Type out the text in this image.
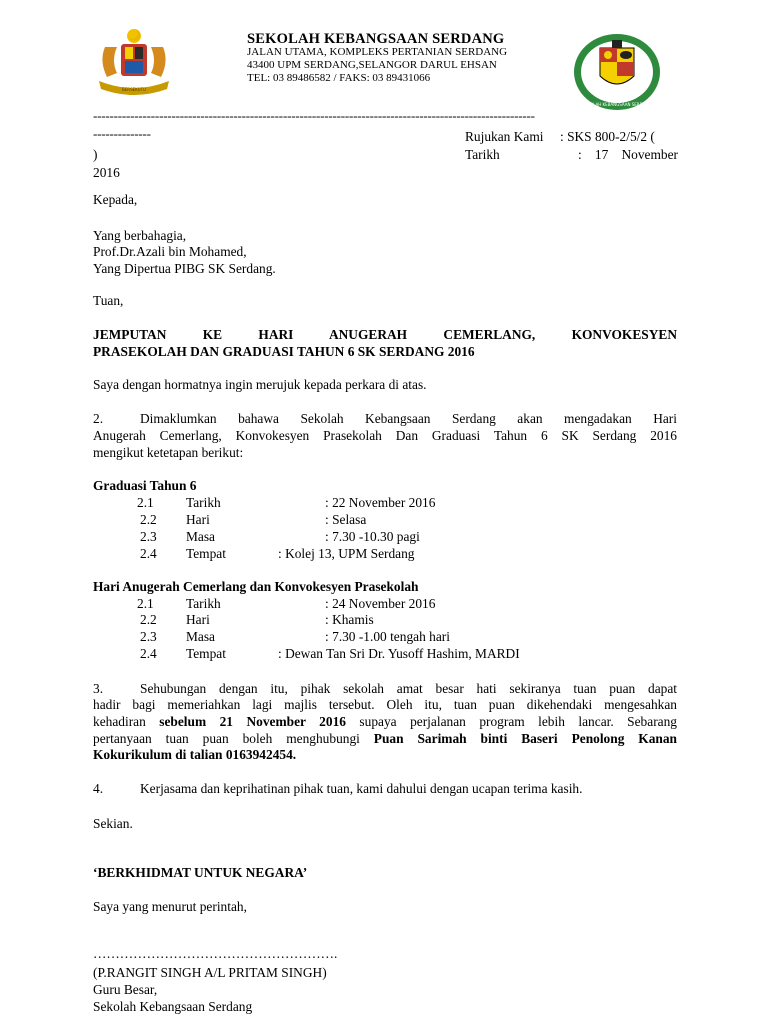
BERSEKUTU
SEKOLAH KEBANGSAAN SERDANG
JALAN UTAMA, KOMPLEKS PERTANIAN SERDANG
43400 UPM SERDANG,SELANGOR DARUL EHSAN
TEL: 03 89486582 / FAKS: 03 89431066
SEKOLAH KEBANGSAAN SERDANG
-----------------------------------------------------------------------------------------------------------
--------------	Rujukan Kami : SKS 800-2/5/2 (
)	Tarikh	: 17 November
2016
Kepada,
Yang berbahagia,
Prof.Dr.Azali bin Mohamed,
Yang Dipertua PIBG SK Serdang.
Tuan,
JEMPUTAN KE HARI ANUGERAH CEMERLANG, KONVOKESYEN
PRASEKOLAH DAN GRADUASI TAHUN 6 SK SERDANG 2016
Saya dengan hormatnya ingin merujuk kepada perkara di atas.
2.	Dimaklumkan bahawa Sekolah Kebangsaan Serdang akan mengadakan Hari
Anugerah Cemerlang, Konvokesyen Prasekolah Dan Graduasi Tahun 6 SK Serdang 2016
mengikut ketetapan berikut:
Graduasi Tahun 6
2.1 Tarikh	: 22 November 2016
2.2 Hari	: Selasa
2.3 Masa	: 7.30 -10.30 pagi
2.4 Tempat	: Kolej 13, UPM Serdang
Hari Anugerah Cemerlang dan Konvokesyen Prasekolah
2.1 Tarikh	: 24 November 2016
2.2 Hari	: Khamis
2.3 Masa	: 7.30 -1.00 tengah hari
2.4 Tempat	: Dewan Tan Sri Dr. Yusoff Hashim, MARDI
3.	Sehubungan dengan itu, pihak sekolah amat besar hati sekiranya tuan puan dapat
hadir bagi memeriahkan lagi majlis tersebut. Oleh itu, tuan puan dikehendaki mengesahkan
kehadiran sebelum 21 November 2016 supaya perjalanan program lebih lancar. Sebarang
pertanyaan tuan puan boleh menghubungi Puan Sarimah binti Baseri Penolong Kanan
Kokurikulum di talian 0163942454.
4.	Kerjasama dan keprihatinan pihak tuan, kami dahului dengan ucapan terima kasih.
Sekian.
‘BERKHIDMAT UNTUK NEGARA’
Saya yang menurut perintah,
……………………………………………….
(P.RANGIT SINGH A/L PRITAM SINGH)
Guru Besar,
Sekolah Kebangsaan Serdang
